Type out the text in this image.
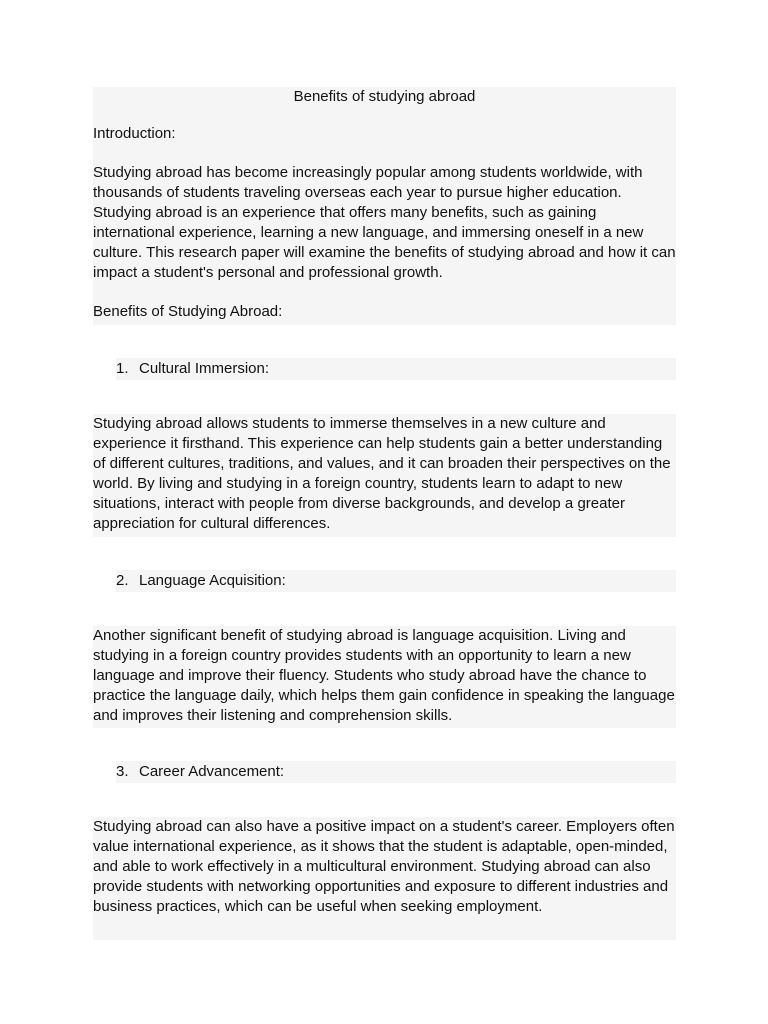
Benefits of studying abroad

Introduction:

Studying abroad has become increasingly popular among students worldwide, with thousands of students traveling overseas each year to pursue higher education. Studying abroad is an experience that offers many benefits, such as gaining international experience, learning a new language, and immersing oneself in a new culture. This research paper will examine the benefits of studying abroad and how it can impact a student's personal and professional growth.

Benefits of Studying Abroad:

1. Cultural Immersion:

Studying abroad allows students to immerse themselves in a new culture and experience it firsthand. This experience can help students gain a better understanding of different cultures, traditions, and values, and it can broaden their perspectives on the world. By living and studying in a foreign country, students learn to adapt to new situations, interact with people from diverse backgrounds, and develop a greater appreciation for cultural differences.

2. Language Acquisition:

Another significant benefit of studying abroad is language acquisition. Living and studying in a foreign country provides students with an opportunity to learn a new language and improve their fluency. Students who study abroad have the chance to practice the language daily, which helps them gain confidence in speaking the language and improves their listening and comprehension skills.

3. Career Advancement:

Studying abroad can also have a positive impact on a student's career. Employers often value international experience, as it shows that the student is adaptable, open-minded, and able to work effectively in a multicultural environment. Studying abroad can also provide students with networking opportunities and exposure to different industries and business practices, which can be useful when seeking employment.
